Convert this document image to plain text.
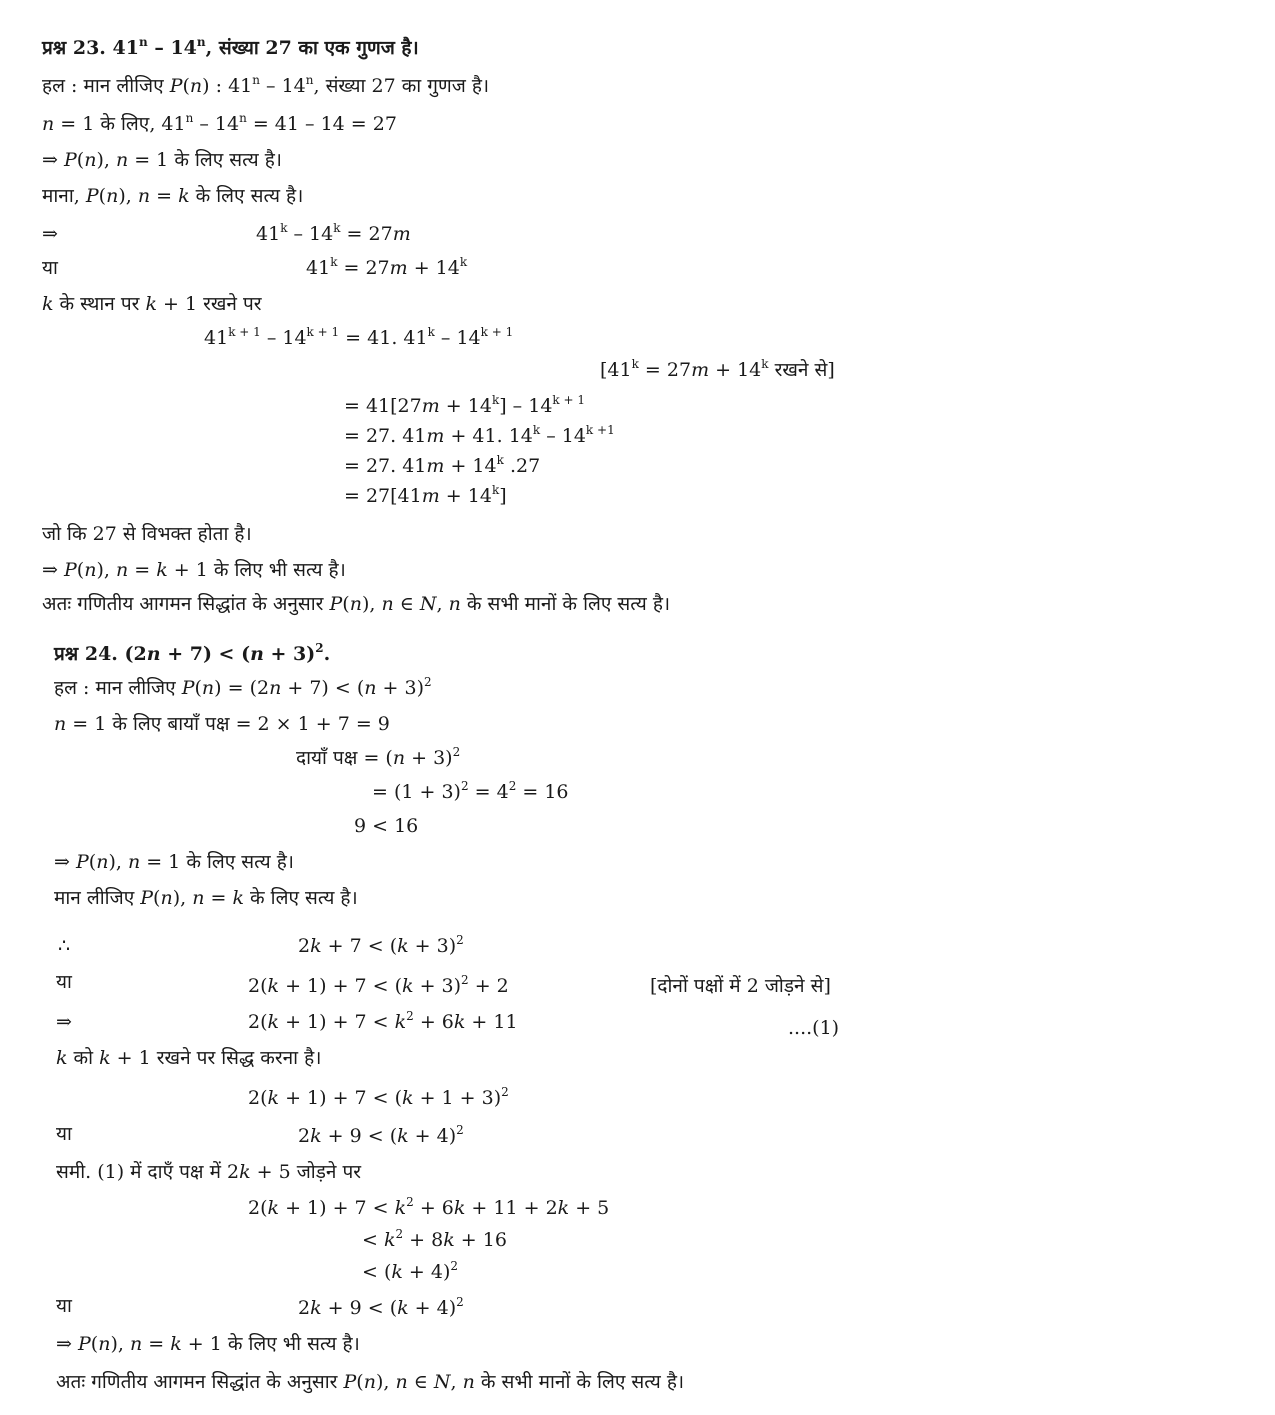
प्रश्न 23. 41$^n$ – 14$^n$, संख्या 27 का एक गुणज है।
हल : मान लीजिए P(n) : 41$^n$ – 14$^n$, संख्या 27 का गुणज है।
n = 1 के लिए, $41^n - 14^n = 41 - 14 = 27$
⇒ P(n), n = 1 के लिए सत्य है।
माना, P(n), n = k के लिए सत्य है।
⇒	$41^k - 14^k = 27m$
या	$41^k = 27m + 14^k$
k के स्थान पर k + 1 रखने पर
$41^{k + 1} - 14^{k + 1} = 41$. $41^k - 14^{k + 1}$
[$41^k = 27m + 14^k$ रखने से]
= $41[27m + 14^k] - 14^{k + 1}$
= 27. 41m + 41. $14^k - 14^{k +1}$
= 27. $41m + 14^k$ .27
= $27[41m + 14^k]$
जो कि 27 से विभक्त होता है।
⇒ P(n), n = k + 1 के लिए भी सत्य है।
अतः गणितीय आगमन सिद्धांत के अनुसार P(n), n ∈ N, n के सभी मानों के लिए सत्य है।
प्रश्न 24. $(2n + 7) < (n + 3)^2$.
हल : मान लीजिए $P(n) = (2n + 7) < (n + 3)^2$
n = 1 के लिए बायाँ पक्ष = 2 × 1 + 7 = 9
दायाँ पक्ष = $(n + 3)^2$
= $(1 + 3)^2 = 4^2 = 16$
9 < 16
⇒ P(n), n = 1 के लिए सत्य है।
मान लीजिए P(n), n = k के लिए सत्य है।
∴	$2k + 7 < (k + 3)^2$
या	$2(k + 1) + 7 < (k + 3)^2 + 2$	[दोनों पक्षों में 2 जोड़ने से]
⇒	$2(k + 1) + 7 < k^2 + 6k + 11$	....(1)
k को k + 1 रखने पर सिद्ध करना है।
$2(k + 1) + 7 < (k + 1 + 3)^2$
या	$2k + 9 < (k + 4)^2$
समी. (1) में दाएँ पक्ष में 2k + 5 जोड़ने पर
$2(k + 1) + 7 < k^2 + 6k + 11 + 2k + 5$
< $k^2 + 8k + 16$
< $(k + 4)^2$
या	$2k + 9 < (k + 4)^2$
⇒ P(n), n = k + 1 के लिए भी सत्य है।
अतः गणितीय आगमन सिद्धांत के अनुसार P(n), n ∈ N, n के सभी मानों के लिए सत्य है।
